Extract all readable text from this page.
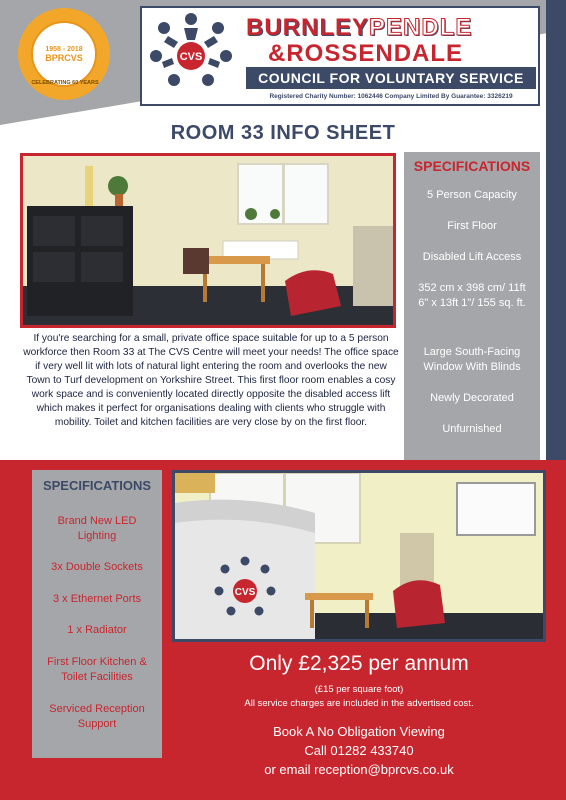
1958 - 2018
BPRCVS
CELEBRATING 60 YEARS
CVS
BURNLEYPENDLE
&ROSSENDALE
COUNCIL FOR VOLUNTARY SERVICE
Registered Charity Number: 1062446 Company Limited By Guarantee: 3326219
ROOM 33 INFO SHEET
SPECIFICATIONS
5 Person Capacity
First Floor
Disabled Lift Access
352 cm x 398 cm/ 11ft 6" x 13ft 1"/ 155 sq. ft.
Large South-Facing Window With Blinds
Newly Decorated
Unfurnished
If you're searching for a small, private office space suitable for up to a 5 person workforce then Room 33 at The CVS Centre will meet your needs! The office space if very well lit with lots of natural light entering the room and overlooks the new Town to Turf development on Yorkshire Street. This first floor room enables a cosy work space and is conveniently located directly opposite the disabled access lift which makes it perfect for organisations dealing with clients who struggle with mobility. Toilet and kitchen facilities are very close by on the first floor.
SPECIFICATIONS
Brand New LED Lighting
3x Double Sockets
3 x Ethernet Ports
1 x Radiator
First Floor Kitchen & Toilet Facilities
Serviced Reception Support
CVS
Only £2,325 per annum
(£15 per square foot)
All service charges are included in the advertised cost.
Book A No Obligation Viewing
Call 01282 433740
or email reception@bprcvs.co.uk
